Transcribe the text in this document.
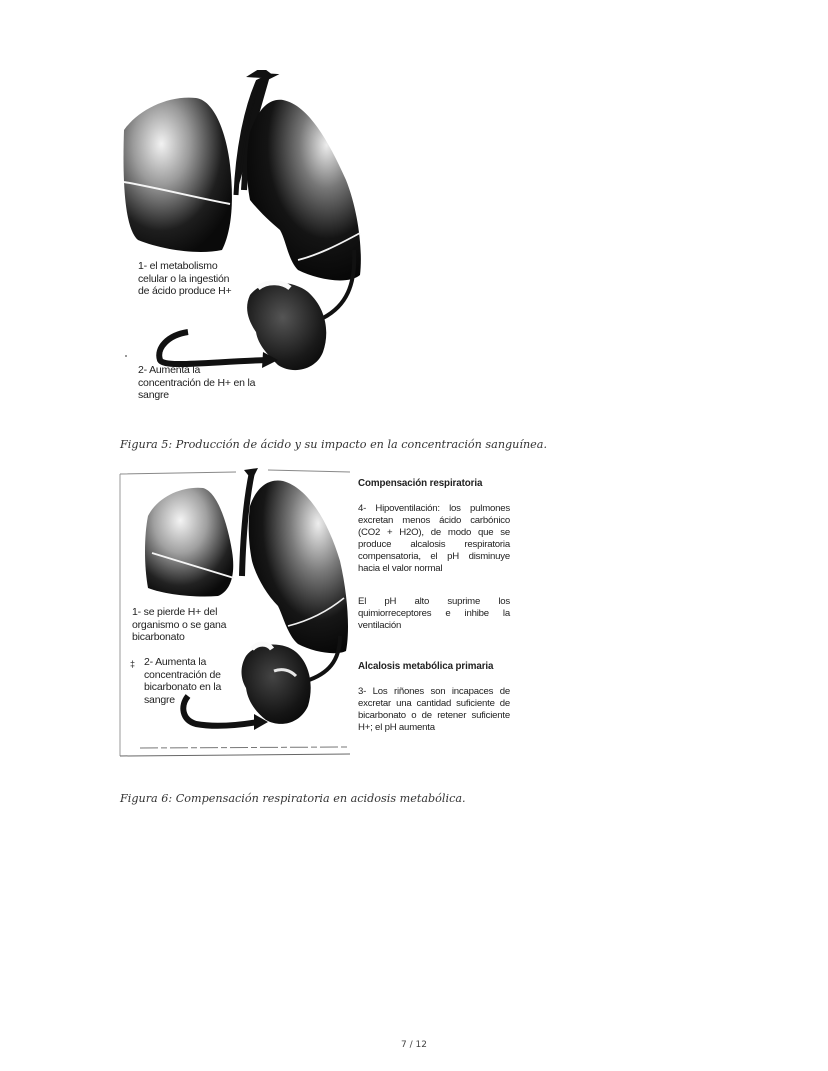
1- el metabolismo celular o la ingestión de ácido produce H+
2- Aumenta la concentración de H+ en la sangre
Figura 5: Producción de ácido y su impacto en la concentración sanguínea.
1- se pierde H+ del organismo o se gana bicarbonato
‡ 2- Aumenta la concentración de bicarbonato en la sangre
Compensación respiratoria
4- Hipoventilación: los pulmones excretan menos ácido carbónico (CO2 + H2O), de modo que se produce alcalosis respiratoria compensatoria, el pH disminuye hacia el valor normal
El pH alto suprime los quimiorreceptores e inhibe la ventilación
Alcalosis metabólica primaria
3- Los riñones son incapaces de excretar una cantidad suficiente de bicarbonato o de retener suficiente H+; el pH aumenta
Figura 6: Compensación respiratoria en acidosis metabólica.
7 / 12
